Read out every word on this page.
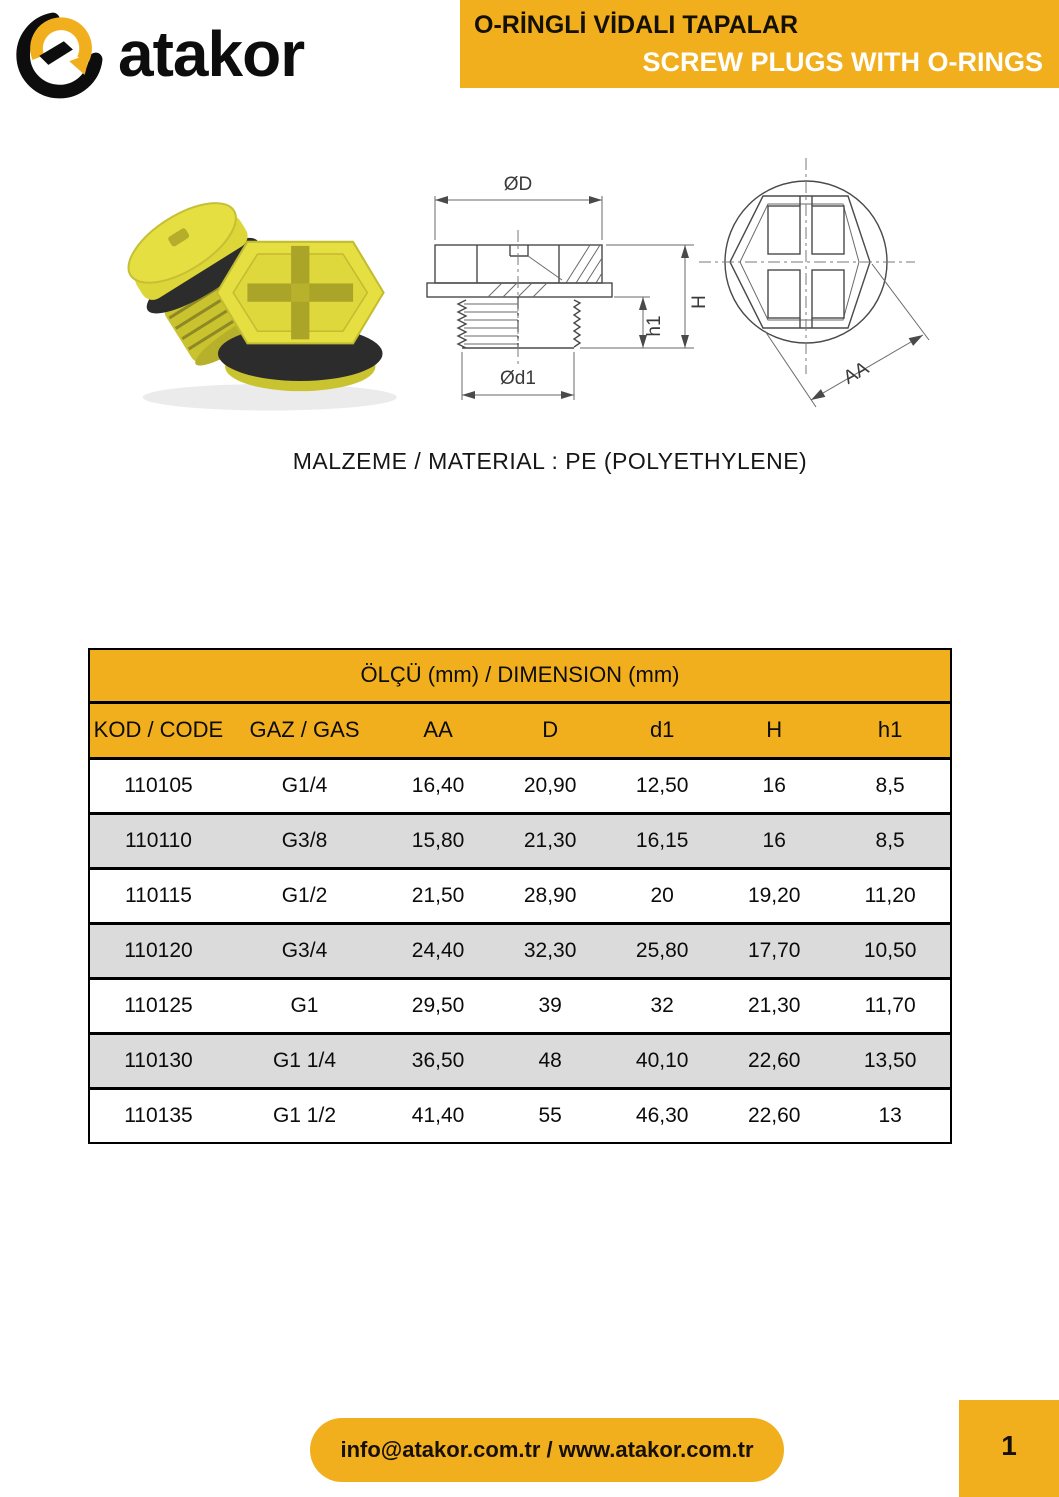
atakor	O-RİNGLİ VİDALI TAPALAR
SCREW PLUGS WITH O-RINGS
ØD
H
h1
Ød1	AA
MALZEME / MATERIAL : PE (POLYETHYLENE)
ÖLÇÜ (mm) / DIMENSION (mm)						
KOD / CODE	GAZ / GAS	AA	D	d1	H	h1
110105	G1/4	16,40	20,90	12,50	16	8,5
110110	G3/8	15,80	21,30	16,15	16	8,5
110115	G1/2	21,50	28,90	20	19,20	11,20
110120	G3/4	24,40	32,30	25,80	17,70	10,50
110125	G1	29,50	39	32	21,30	11,70
110130	G1 1/4	36,50	48	40,10	22,60	13,50
110135	G1 1/2	41,40	55	46,30	22,60	13
info@atakor.com.tr / www.atakor.com.tr	1
